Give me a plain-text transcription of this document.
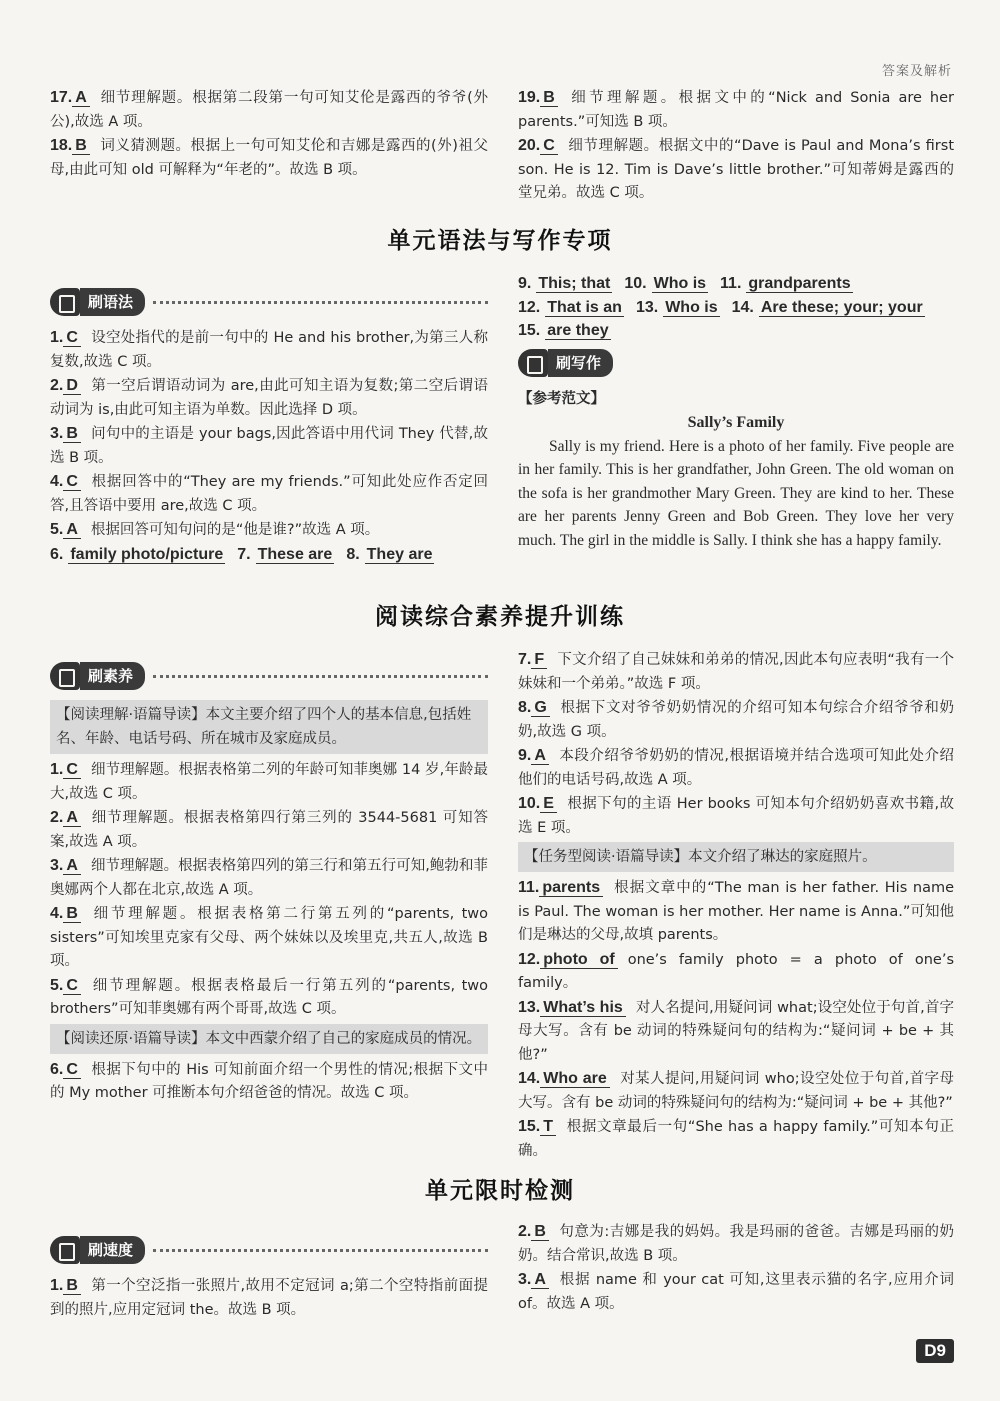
答案及解析
17. A 细节理解题。根据第二段第一句可知艾伦是露西的爷爷(外公),故选 A 项。
18. B 词义猜测题。根据上一句可知艾伦和吉娜是露西的(外)祖父母,由此可知 old 可解释为“年老的”。故选 B 项。
19. B 细节理解题。根据文中的“Nick and Sonia are her parents.”可知选 B 项。
20. C 细节理解题。根据文中的“Dave is Paul and Mona’s first son. He is 12. Tim is Dave’s little brother.”可知蒂姆是露西的堂兄弟。故选 C 项。
单元语法与写作专项
刷语法
1. C 设空处指代的是前一句中的 He and his brother,为第三人称复数,故选 C 项。
2. D 第一空后谓语动词为 are,由此可知主语为复数;第二空后谓语动词为 is,由此可知主语为单数。因此选择 D 项。
3. B 问句中的主语是 your bags,因此答语中用代词 They 代替,故选 B 项。
4. C 根据回答中的“They are my friends.”可知此处应作否定回答,且答语中要用 are,故选 C 项。
5. A 根据回答可知句问的是“他是谁?”故选 A 项。
6. family photo/picture 7. These are 8. They are
9. This; that 10. Who is 11. grandparents
12. That is an 13. Who is 14. Are these; your; your
15. are they
刷写作
【参考范文】
Sally’s Family
Sally is my friend. Here is a photo of her family. Five people are in her family. This is her grandfather, John Green. The old woman on the sofa is her grandmother Mary Green. They are kind to her. These are her parents Jenny Green and Bob Green. They love her very much. The girl in the middle is Sally. I think she has a happy family.
阅读综合素养提升训练
刷素养
【阅读理解·语篇导读】本文主要介绍了四个人的基本信息,包括姓名、年龄、电话号码、所在城市及家庭成员。
1. C 细节理解题。根据表格第二列的年龄可知菲奥娜 14 岁,年龄最大,故选 C 项。
2. A 细节理解题。根据表格第四行第三列的 3544-5681 可知答案,故选 A 项。
3. A 细节理解题。根据表格第四列的第三行和第五行可知,鲍勃和菲奥娜两个人都在北京,故选 A 项。
4. B 细节理解题。根据表格第二行第五列的“parents, two sisters”可知埃里克家有父母、两个妹妹以及埃里克,共五人,故选 B 项。
5. C 细节理解题。根据表格最后一行第五列的“parents, two brothers”可知菲奥娜有两个哥哥,故选 C 项。
【阅读还原·语篇导读】本文中西蒙介绍了自己的家庭成员的情况。
6. C 根据下句中的 His 可知前面介绍一个男性的情况;根据下文中的 My mother 可推断本句介绍爸爸的情况。故选 C 项。
7. F 下文介绍了自己妹妹和弟弟的情况,因此本句应表明“我有一个妹妹和一个弟弟。”故选 F 项。
8. G 根据下文对爷爷奶奶情况的介绍可知本句综合介绍爷爷和奶奶,故选 G 项。
9. A 本段介绍爷爷奶奶的情况,根据语境并结合选项可知此处介绍他们的电话号码,故选 A 项。
10. E 根据下句的主语 Her books 可知本句介绍奶奶喜欢书籍,故选 E 项。
【任务型阅读·语篇导读】本文介绍了琳达的家庭照片。
11. parents 根据文章中的“The man is her father. His name is Paul. The woman is her mother. Her name is Anna.”可知他们是琳达的父母,故填 parents。
12. photo of one’s family photo = a photo of one’s family。
13. What’s his 对人名提问,用疑问词 what;设空处位于句首,首字母大写。含有 be 动词的特殊疑问句的结构为:“疑问词 + be + 其他?”
14. Who are 对某人提问,用疑问词 who;设空处位于句首,首字母大写。含有 be 动词的特殊疑问句的结构为:“疑问词 + be + 其他?”
15. T 根据文章最后一句“She has a happy family.”可知本句正确。
单元限时检测
刷速度
1. B 第一个空泛指一张照片,故用不定冠词 a;第二个空特指前面提到的照片,应用定冠词 the。故选 B 项。
2. B 句意为:吉娜是我的妈妈。我是玛丽的爸爸。吉娜是玛丽的奶奶。结合常识,故选 B 项。
3. A 根据 name 和 your cat 可知,这里表示猫的名字,应用介词 of。故选 A 项。
D9
